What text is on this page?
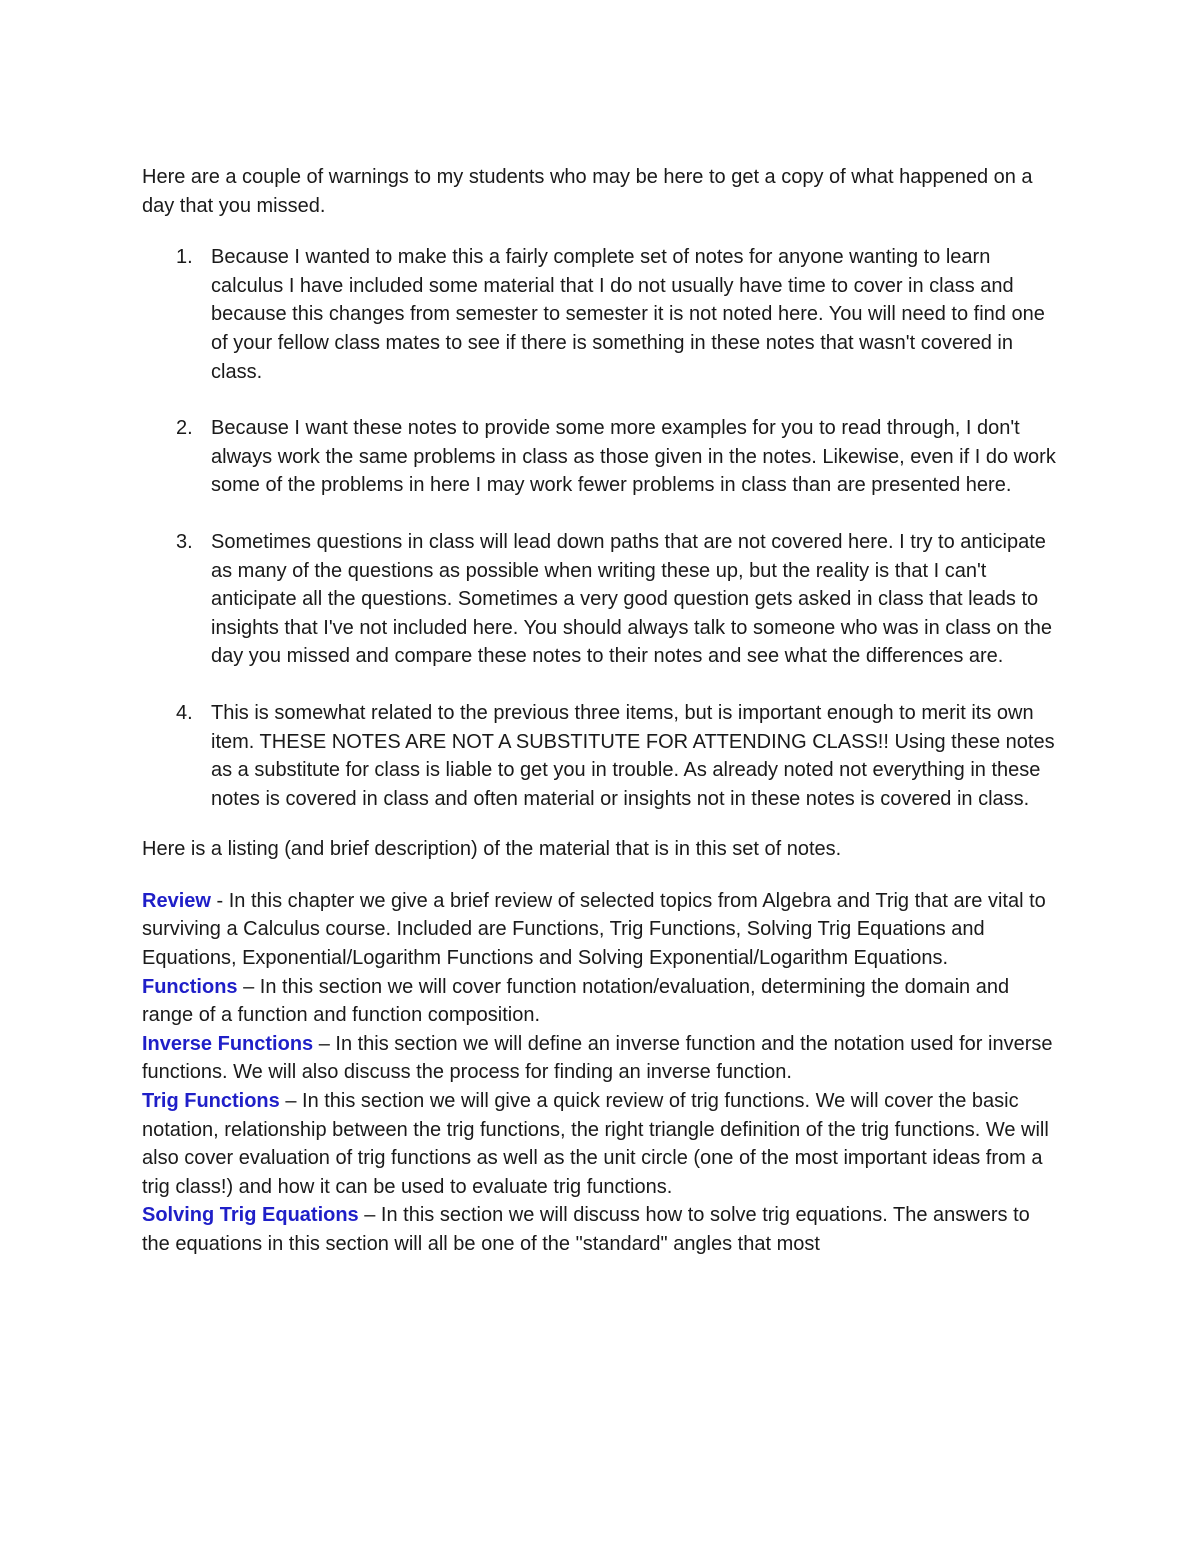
Here are a couple of warnings to my students who may be here to get a copy of what happened on a day that you missed.

1. Because I wanted to make this a fairly complete set of notes for anyone wanting to learn calculus I have included some material that I do not usually have time to cover in class and because this changes from semester to semester it is not noted here. You will need to find one of your fellow class mates to see if there is something in these notes that wasn't covered in class.
2. Because I want these notes to provide some more examples for you to read through, I don't always work the same problems in class as those given in the notes. Likewise, even if I do work some of the problems in here I may work fewer problems in class than are presented here.
3. Sometimes questions in class will lead down paths that are not covered here. I try to anticipate as many of the questions as possible when writing these up, but the reality is that I can't anticipate all the questions. Sometimes a very good question gets asked in class that leads to insights that I've not included here. You should always talk to someone who was in class on the day you missed and compare these notes to their notes and see what the differences are.
4. This is somewhat related to the previous three items, but is important enough to merit its own item. THESE NOTES ARE NOT A SUBSTITUTE FOR ATTENDING CLASS!! Using these notes as a substitute for class is liable to get you in trouble. As already noted not everything in these notes is covered in class and often material or insights not in these notes is covered in class.

Here is a listing (and brief description) of the material that is in this set of notes.

Review - In this chapter we give a brief review of selected topics from Algebra and Trig that are vital to surviving a Calculus course. Included are Functions, Trig Functions, Solving Trig Equations and Equations, Exponential/Logarithm Functions and Solving Exponential/Logarithm Equations.

Functions – In this section we will cover function notation/evaluation, determining the domain and range of a function and function composition.

Inverse Functions – In this section we will define an inverse function and the notation used for inverse functions. We will also discuss the process for finding an inverse function.

Trig Functions – In this section we will give a quick review of trig functions. We will cover the basic notation, relationship between the trig functions, the right triangle definition of the trig functions. We will also cover evaluation of trig functions as well as the unit circle (one of the most important ideas from a trig class!) and how it can be used to evaluate trig functions.

Solving Trig Equations – In this section we will discuss how to solve trig equations. The answers to the equations in this section will all be one of the "standard" angles that most
